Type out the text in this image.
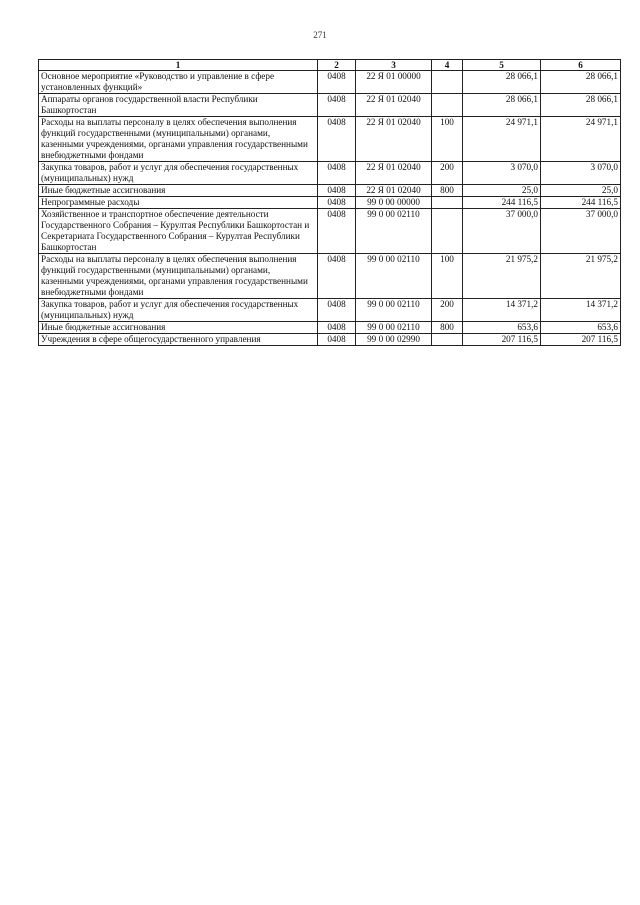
271
1	2	3	4	5	6
Основное мероприятие «Руководство и управление в сфере установленных функций»	0408	22 Я 01 00000		28 066,1	28 066,1
Аппараты органов государственной власти Республики Башкортостан	0408	22 Я 01 02040		28 066,1	28 066,1
Расходы на выплаты персоналу в целях обеспечения выполнения функций государственными (муниципальными) органами, казенными учреждениями, органами управления государственными внебюджетными фондами	0408	22 Я 01 02040	100	24 971,1	24 971,1
Закупка товаров, работ и услуг для обеспечения государственных (муниципальных) нужд	0408	22 Я 01 02040	200	3 070,0	3 070,0
Иные бюджетные ассигнования	0408	22 Я 01 02040	800	25,0	25,0
Непрограммные расходы	0408	99 0 00 00000		244 116,5	244 116,5
Хозяйственное и транспортное обеспечение деятельности Государственного Собрания – Курултая Республики Башкортостан и Секретариата Государственного Собрания – Курултая Республики Башкортостан	0408	99 0 00 02110		37 000,0	37 000,0
Расходы на выплаты персоналу в целях обеспечения выполнения функций государственными (муниципальными) органами, казенными учреждениями, органами управления государственными внебюджетными фондами	0408	99 0 00 02110	100	21 975,2	21 975,2
Закупка товаров, работ и услуг для обеспечения государственных (муниципальных) нужд	0408	99 0 00 02110	200	14 371,2	14 371,2
Иные бюджетные ассигнования	0408	99 0 00 02110	800	653,6	653,6
Учреждения в сфере общегосударственного управления	0408	99 0 00 02990		207 116,5	207 116,5
